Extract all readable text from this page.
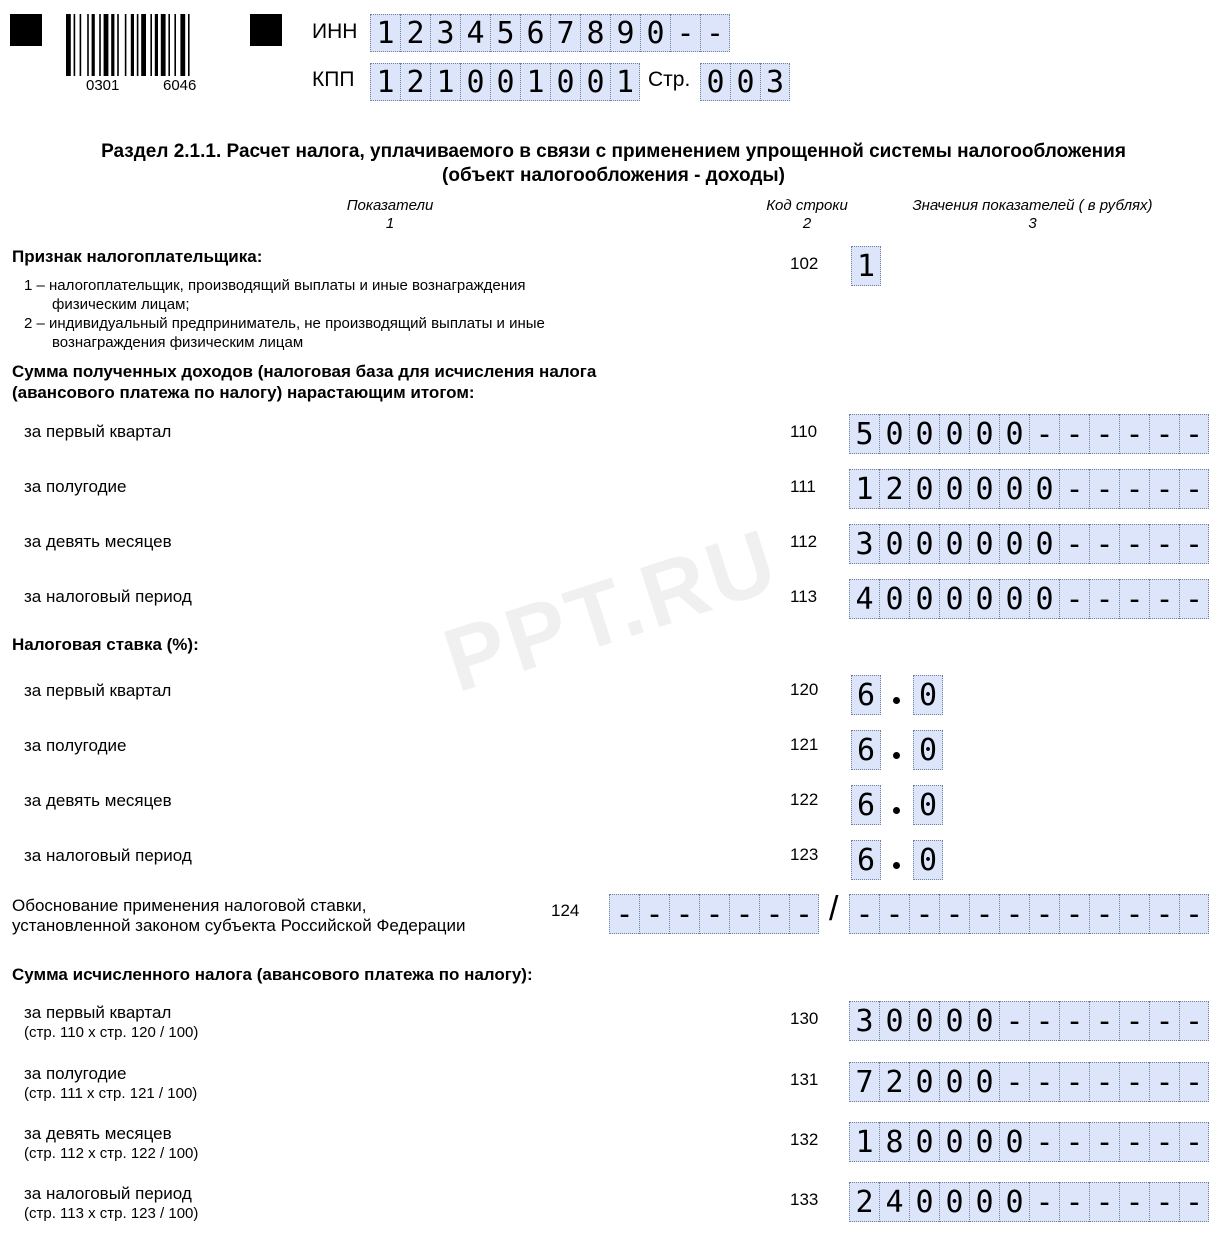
0301	6046
ИНН 1 2 3 4 5 6 7 8 9 0 - -
КПП 1 2 1 0 0 1 0 0 1 Стр. 0 0 3
Раздел 2.1.1. Расчет налога, уплачиваемого в связи с применением упрощенной системы налогообложения
(объект налогообложения - доходы)
Показатели
1
Код строки
2
Значения показателей ( в рублях)
3
Признак налогоплательщика:
1 – налогоплательщик, производящий выплаты и иные вознаграждения
физическим лицам;
2 – индивидуальный предприниматель, не производящий выплаты и иные
вознаграждения физическим лицам
102 1
Сумма полученных доходов (налоговая база для исчисления налога
(авансового платежа по налогу) нарастающим итогом:
за первый квартал	110 5 0 0 0 0 0 - - - - - -
за полугодие	111 1 2 0 0 0 0 0 - - - - -
за девять месяцев	112 3 0 0 0 0 0 0 - - - - -
за налоговый период	113 4 0 0 0 0 0 0 - - - - -
Налоговая ставка (%):
за первый квартал	120 6 0
за полугодие	121 6 0
за девять месяцев	122 6 0
за налоговый период	123 6 0
Обоснование применения налоговой ставки,
установленной законом субъекта Российской Федерации
124 - - - - - - - / - - - - - - - - - - - -
Сумма исчисленного налога (авансового платежа по налогу):
за первый квартал
(стр. 110 х стр. 120 / 100)
130 3 0 0 0 0 - - - - - - -
за полугодие
(стр. 111 х стр. 121 / 100)
131 7 2 0 0 0 - - - - - - -
за девять месяцев
(стр. 112 х стр. 122 / 100)
132 1 8 0 0 0 0 - - - - - -
за налоговый период
(стр. 113 х стр. 123 / 100)
133 2 4 0 0 0 0 - - - - - -
PPT.RU
